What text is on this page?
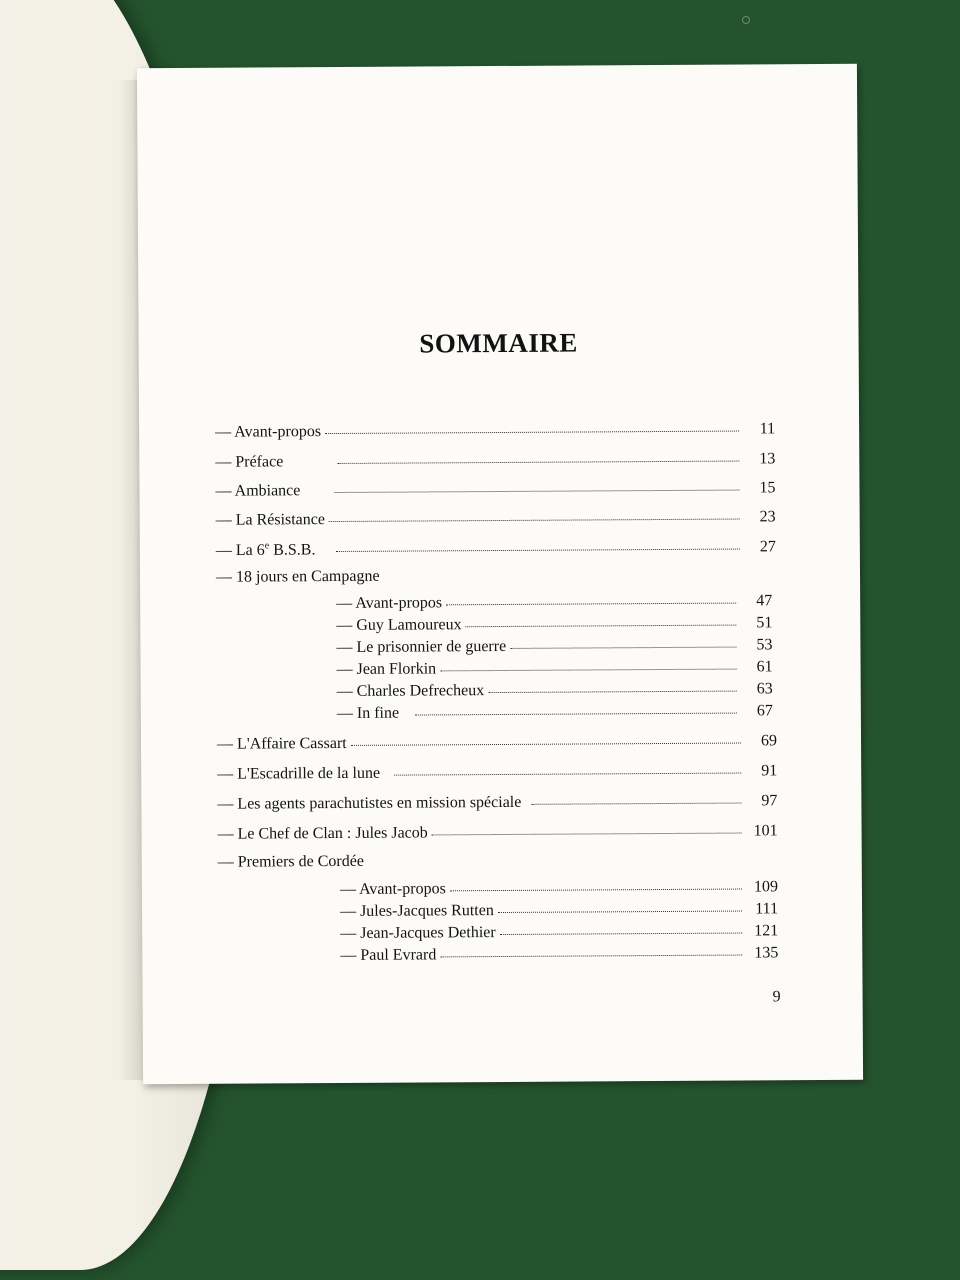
SOMMAIRE
— Avant-propos	11
— Préface	13
— Ambiance	15
— La Résistance	23
— La 6e B.S.B.	27
— 18 jours en Campagne
— Avant-propos	47
— Guy Lamoureux	51
— Le prisonnier de guerre	53
— Jean Florkin	61
— Charles Defrecheux	63
— In fine	67
— L'Affaire Cassart	69
— L'Escadrille de la lune	91
— Les agents parachutistes en mission spéciale	97
— Le Chef de Clan : Jules Jacob	101
— Premiers de Cordée
— Avant-propos	109
— Jules-Jacques Rutten	111
— Jean-Jacques Dethier	121
— Paul Evrard	135
9
